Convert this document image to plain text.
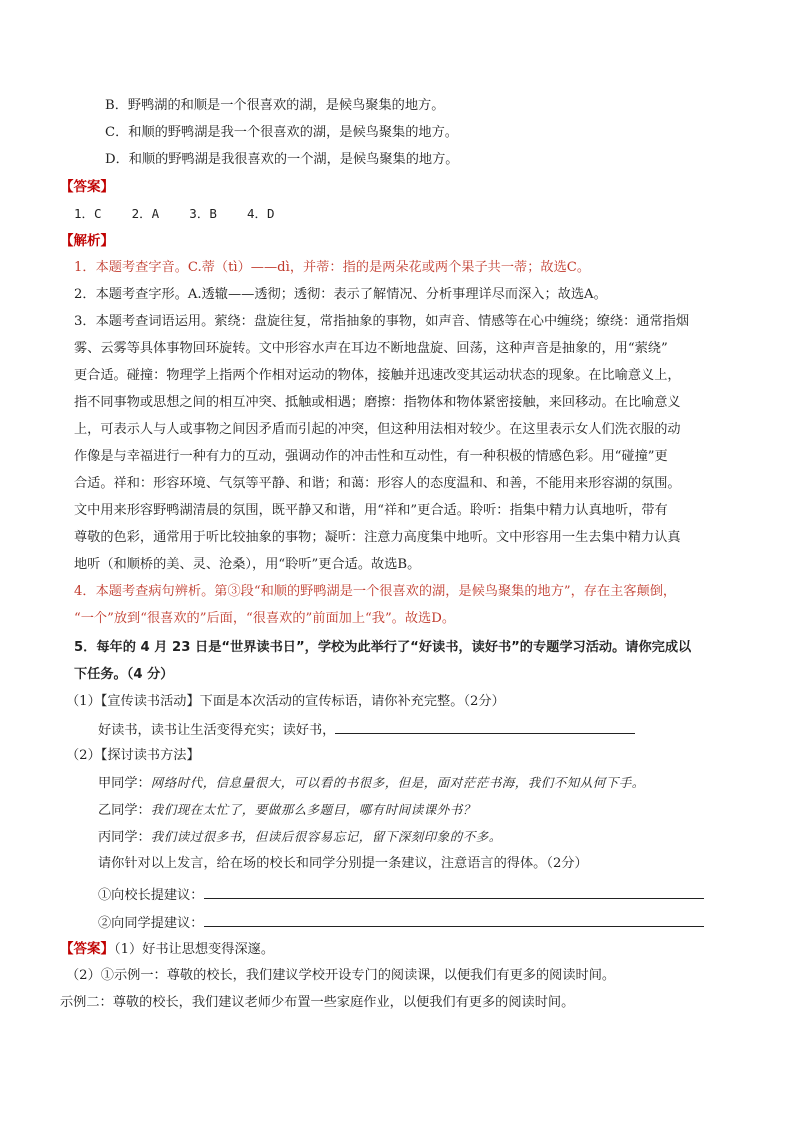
B．野鸭湖的和顺是一个很喜欢的湖，是候鸟聚集的地方。
C．和顺的野鸭湖是我一个很喜欢的湖，是候鸟聚集的地方。
D．和顺的野鸭湖是我很喜欢的一个湖，是候鸟聚集的地方。
【答案】
1．C    2．A    3．B    4．D
【解析】
1．本题考查字音。C.蒂（tì）——dì，并蒂：指的是两朵花或两个果子共一蒂；故选C。
2．本题考查字形。A.透辙——透彻；透彻：表示了解情况、分析事理详尽而深入；故选A。
3．本题考查词语运用。萦绕：盘旋往复，常指抽象的事物，如声音、情感等在心中缠绕；缭绕：通常指烟
雾、云雾等具体事物回环旋转。文中形容水声在耳边不断地盘旋、回荡，这种声音是抽象的，用“萦绕”
更合适。碰撞：物理学上指两个作相对运动的物体，接触并迅速改变其运动状态的现象。在比喻意义上，
指不同事物或思想之间的相互冲突、抵触或相遇；磨擦：指物体和物体紧密接触，来回移动。在比喻意义
上，可表示人与人或事物之间因矛盾而引起的冲突，但这种用法相对较少。在这里表示女人们洗衣服的动
作像是与幸福进行一种有力的互动，强调动作的冲击性和互动性，有一种积极的情感色彩。用“碰撞”更
合适。祥和：形容环境、气氛等平静、和谐；和蔼：形容人的态度温和、和善，不能用来形容湖的氛围。
文中用来形容野鸭湖清晨的氛围，既平静又和谐，用“祥和”更合适。聆听：指集中精力认真地听，带有
尊敬的色彩，通常用于听比较抽象的事物；凝听：注意力高度集中地听。文中形容用一生去集中精力认真
地听（和顺桥的美、灵、沧桑），用“聆听”更合适。故选B。
4．本题考查病句辨析。第③段“和顺的野鸭湖是一个很喜欢的湖，是候鸟聚集的地方”，存在主客颠倒，
“一个”放到“很喜欢的”后面，“很喜欢的”前面加上“我”。故选D。
5．每年的 4 月 23 日是“世界读书日”，学校为此举行了“好读书，读好书”的专题学习活动。请你完成以
下任务。（4 分）
（1）【宣传读书活动】下面是本次活动的宣传标语，请你补充完整。（2分）
好读书，读书让生活变得充实；读好书，
（2）【探讨读书方法】
甲同学：网络时代，信息量很大，可以看的书很多，但是，面对茫茫书海，我们不知从何下手。
乙同学：我们现在太忙了，要做那么多题目，哪有时间读课外书？
丙同学：我们读过很多书，但读后很容易忘记，留下深刻印象的不多。
请你针对以上发言，给在场的校长和同学分别提一条建议，注意语言的得体。（2分）
①向校长提建议：
②向同学提建议：
【答案】（1）好书让思想变得深邃。
（2）①示例一：尊敬的校长，我们建议学校开设专门的阅读课，以便我们有更多的阅读时间。
示例二：尊敬的校长，我们建议老师少布置一些家庭作业，以便我们有更多的阅读时间。
